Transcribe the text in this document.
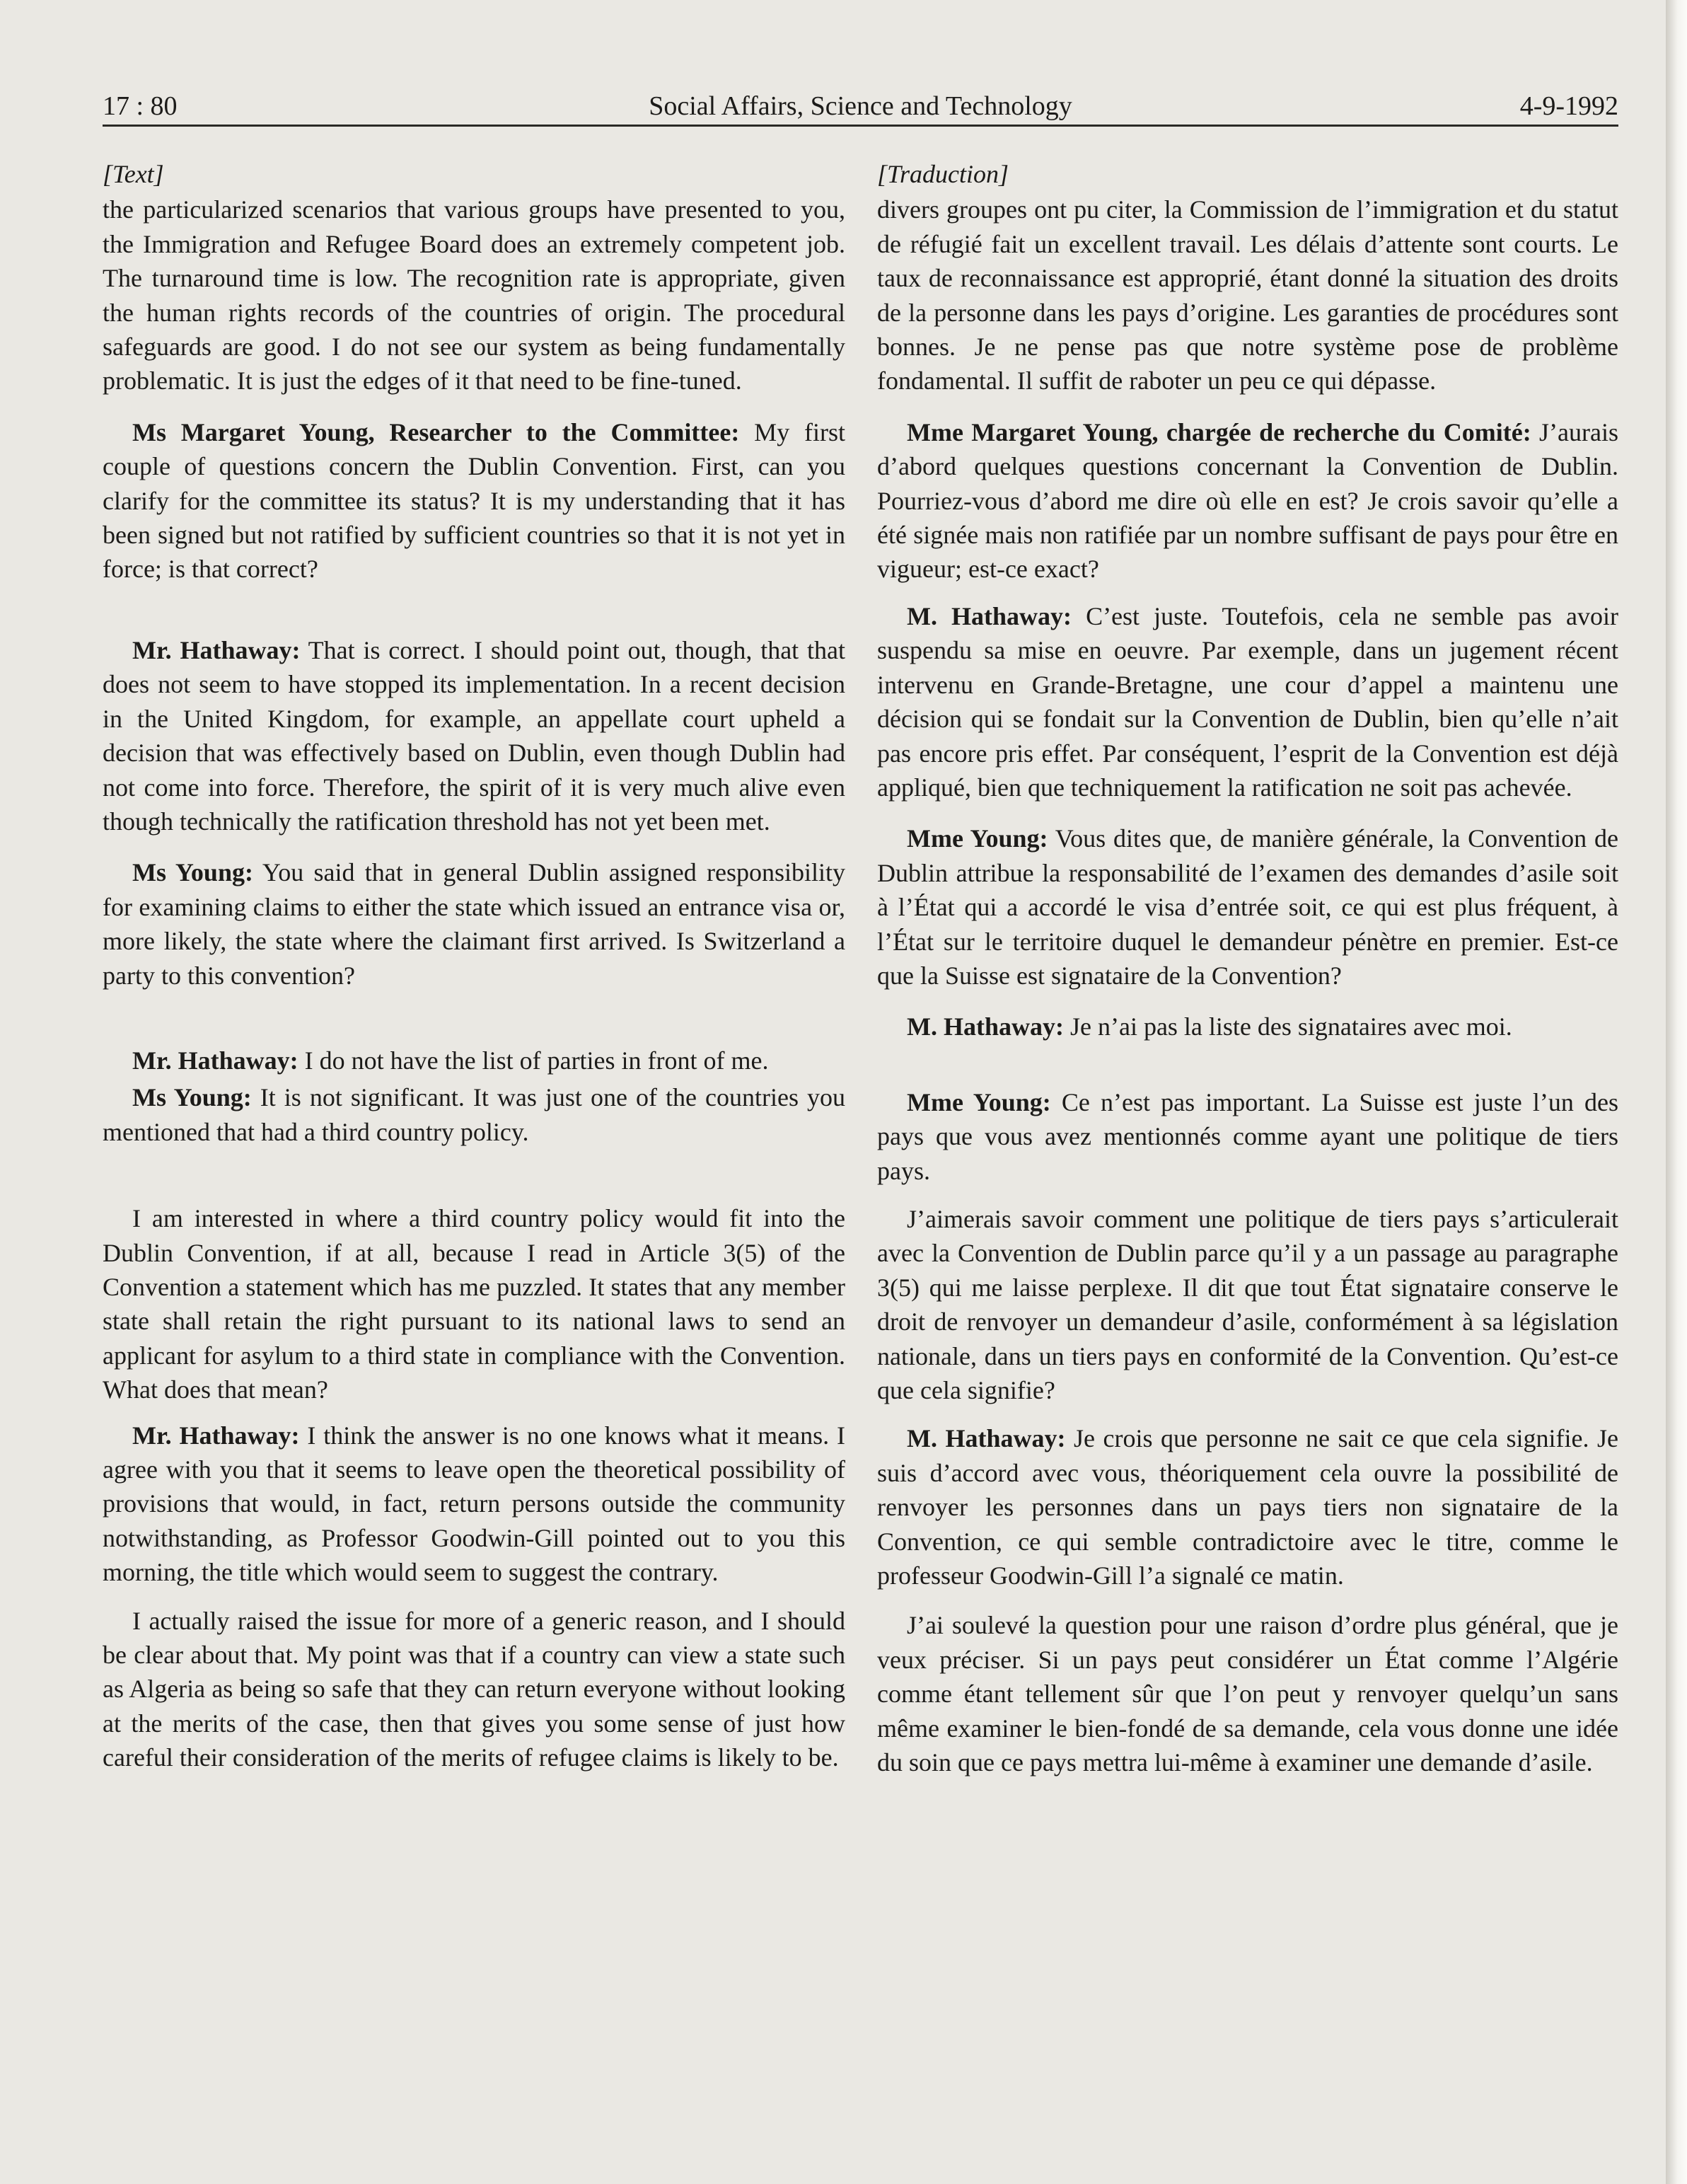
17 : 80	Social Affairs, Science and Technology	4-9-1992

[Text]

the particularized scenarios that various groups have presented to you, the Immigration and Refugee Board does an extremely competent job. The turnaround time is low. The recognition rate is appropriate, given the human rights records of the countries of origin. The procedural safeguards are good. I do not see our system as being fundamentally problematic. It is just the edges of it that need to be fine-tuned.

Ms Margaret Young, Researcher to the Committee: My first couple of questions concern the Dublin Convention. First, can you clarify for the committee its status? It is my understanding that it has been signed but not ratified by sufficient countries so that it is not yet in force; is that correct?

Mr. Hathaway: That is correct. I should point out, though, that that does not seem to have stopped its implementation. In a recent decision in the United Kingdom, for example, an appellate court upheld a decision that was effectively based on Dublin, even though Dublin had not come into force. Therefore, the spirit of it is very much alive even though technically the ratification threshold has not yet been met.

Ms Young: You said that in general Dublin assigned responsibility for examining claims to either the state which issued an entrance visa or, more likely, the state where the claimant first arrived. Is Switzerland a party to this convention?

Mr. Hathaway: I do not have the list of parties in front of me.

Ms Young: It is not significant. It was just one of the countries you mentioned that had a third country policy.

I am interested in where a third country policy would fit into the Dublin Convention, if at all, because I read in Article 3(5) of the Convention a statement which has me puzzled. It states that any member state shall retain the right pursuant to its national laws to send an applicant for asylum to a third state in compliance with the Convention. What does that mean?

Mr. Hathaway: I think the answer is no one knows what it means. I agree with you that it seems to leave open the theoretical possibility of provisions that would, in fact, return persons outside the community notwithstanding, as Professor Goodwin-Gill pointed out to you this morning, the title which would seem to suggest the contrary.

I actually raised the issue for more of a generic reason, and I should be clear about that. My point was that if a country can view a state such as Algeria as being so safe that they can return everyone without looking at the merits of the case, then that gives you some sense of just how careful their consideration of the merits of refugee claims is likely to be.

[Traduction]

divers groupes ont pu citer, la Commission de l’immigration et du statut de réfugié fait un excellent travail. Les délais d’attente sont courts. Le taux de reconnaissance est approprié, étant donné la situation des droits de la personne dans les pays d’origine. Les garanties de procédures sont bonnes. Je ne pense pas que notre système pose de problème fondamental. Il suffit de raboter un peu ce qui dépasse.

Mme Margaret Young, chargée de recherche du Comité: J’aurais d’abord quelques questions concernant la Convention de Dublin. Pourriez-vous d’abord me dire où elle en est? Je crois savoir qu’elle a été signée mais non ratifiée par un nombre suffisant de pays pour être en vigueur; est-ce exact?

M. Hathaway: C’est juste. Toutefois, cela ne semble pas avoir suspendu sa mise en oeuvre. Par exemple, dans un jugement récent intervenu en Grande-Bretagne, une cour d’appel a maintenu une décision qui se fondait sur la Convention de Dublin, bien qu’elle n’ait pas encore pris effet. Par conséquent, l’esprit de la Convention est déjà appliqué, bien que techniquement la ratification ne soit pas achevée.

Mme Young: Vous dites que, de manière générale, la Convention de Dublin attribue la responsabilité de l’examen des demandes d’asile soit à l’État qui a accordé le visa d’entrée soit, ce qui est plus fréquent, à l’État sur le territoire duquel le demandeur pénètre en premier. Est-ce que la Suisse est signataire de la Convention?

M. Hathaway: Je n’ai pas la liste des signataires avec moi.

Mme Young: Ce n’est pas important. La Suisse est juste l’un des pays que vous avez mentionnés comme ayant une politique de tiers pays.

J’aimerais savoir comment une politique de tiers pays s’articulerait avec la Convention de Dublin parce qu’il y a un passage au paragraphe 3(5) qui me laisse perplexe. Il dit que tout État signataire conserve le droit de renvoyer un demandeur d’asile, conformément à sa législation nationale, dans un tiers pays en conformité de la Convention. Qu’est-ce que cela signifie?

M. Hathaway: Je crois que personne ne sait ce que cela signifie. Je suis d’accord avec vous, théoriquement cela ouvre la possibilité de renvoyer les personnes dans un pays tiers non signataire de la Convention, ce qui semble contradictoire avec le titre, comme le professeur Goodwin-Gill l’a signalé ce matin.

J’ai soulevé la question pour une raison d’ordre plus général, que je veux préciser. Si un pays peut considérer un État comme l’Algérie comme étant tellement sûr que l’on peut y renvoyer quelqu’un sans même examiner le bien-fondé de sa demande, cela vous donne une idée du soin que ce pays mettra lui-même à examiner une demande d’asile.
